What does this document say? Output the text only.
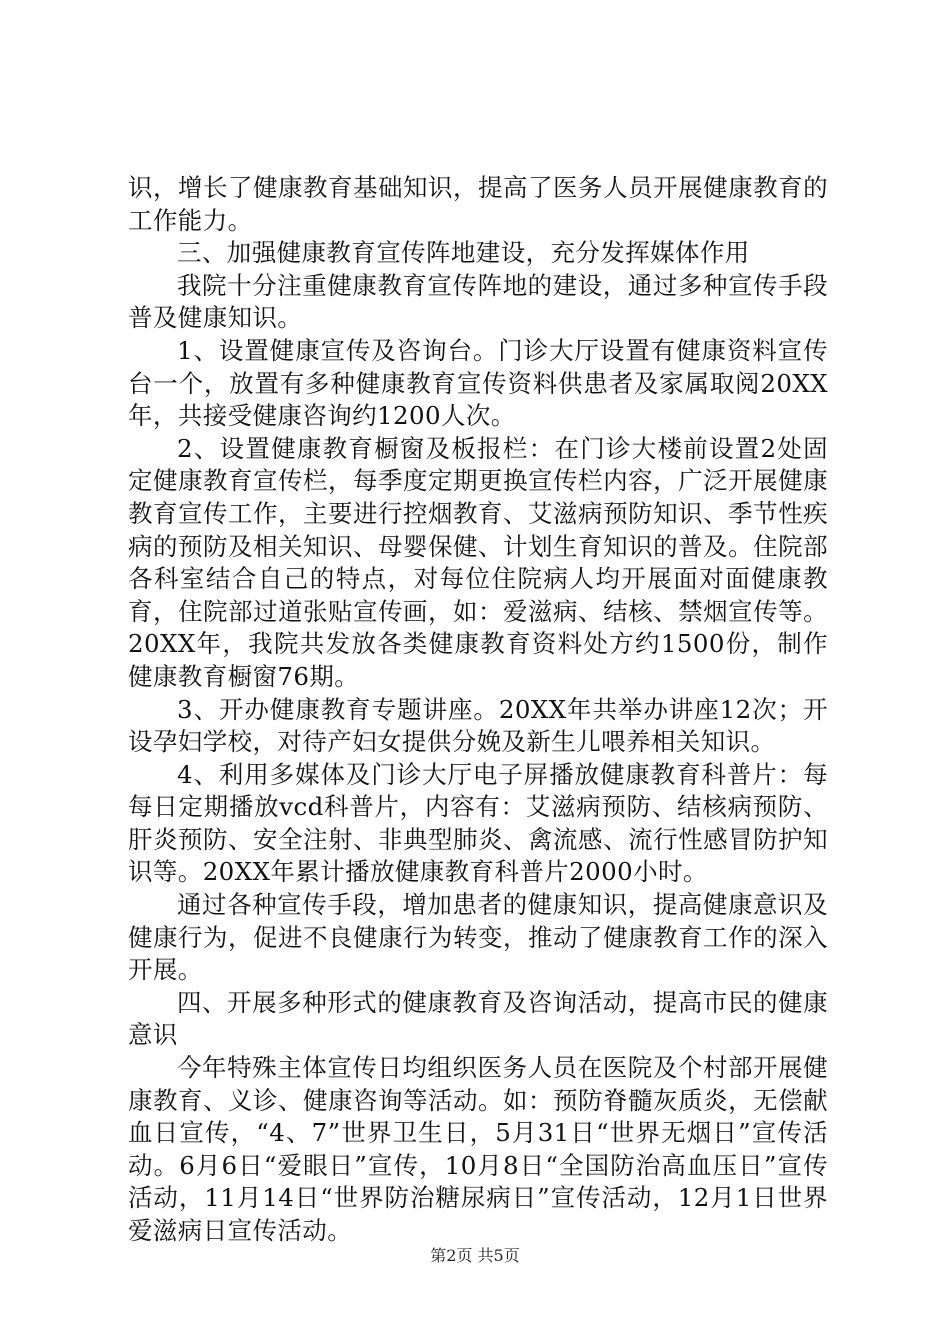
识，增长了健康教育基础知识，提高了医务人员开展健康教育的工作能力。

三、加强健康教育宣传阵地建设，充分发挥媒体作用

我院十分注重健康教育宣传阵地的建设，通过多种宣传手段普及健康知识。

1、设置健康宣传及咨询台。门诊大厅设置有健康资料宣传台一个，放置有多种健康教育宣传资料供患者及家属取阅20XX年，共接受健康咨询约1200人次。

2、设置健康教育橱窗及板报栏：在门诊大楼前设置2处固定健康教育宣传栏，每季度定期更换宣传栏内容，广泛开展健康教育宣传工作，主要进行控烟教育、艾滋病预防知识、季节性疾病的预防及相关知识、母婴保健、计划生育知识的普及。住院部各科室结合自己的特点，对每位住院病人均开展面对面健康教育，住院部过道张贴宣传画，如：爱滋病、结核、禁烟宣传等。20XX年，我院共发放各类健康教育资料处方约1500份，制作健康教育橱窗76期。

3、开办健康教育专题讲座。20XX年共举办讲座12次；开设孕妇学校，对待产妇女提供分娩及新生儿喂养相关知识。

4、利用多媒体及门诊大厅电子屏播放健康教育科普片：每每日定期播放vcd科普片，内容有：艾滋病预防、结核病预防、肝炎预防、安全注射、非典型肺炎、禽流感、流行性感冒防护知识等。20XX年累计播放健康教育科普片2000小时。

通过各种宣传手段，增加患者的健康知识，提高健康意识及健康行为，促进不良健康行为转变，推动了健康教育工作的深入开展。

四、开展多种形式的健康教育及咨询活动，提高市民的健康意识

今年特殊主体宣传日均组织医务人员在医院及个村部开展健康教育、义诊、健康咨询等活动。如：预防脊髓灰质炎，无偿献血日宣传，“4、7”世界卫生日，5月31日“世界无烟日”宣传活动。6月6日“爱眼日”宣传，10月8日“全国防治高血压日”宣传活动，11月14日“世界防治糖尿病日”宣传活动，12月1日世界爱滋病日宣传活动。

第2页 共5页
